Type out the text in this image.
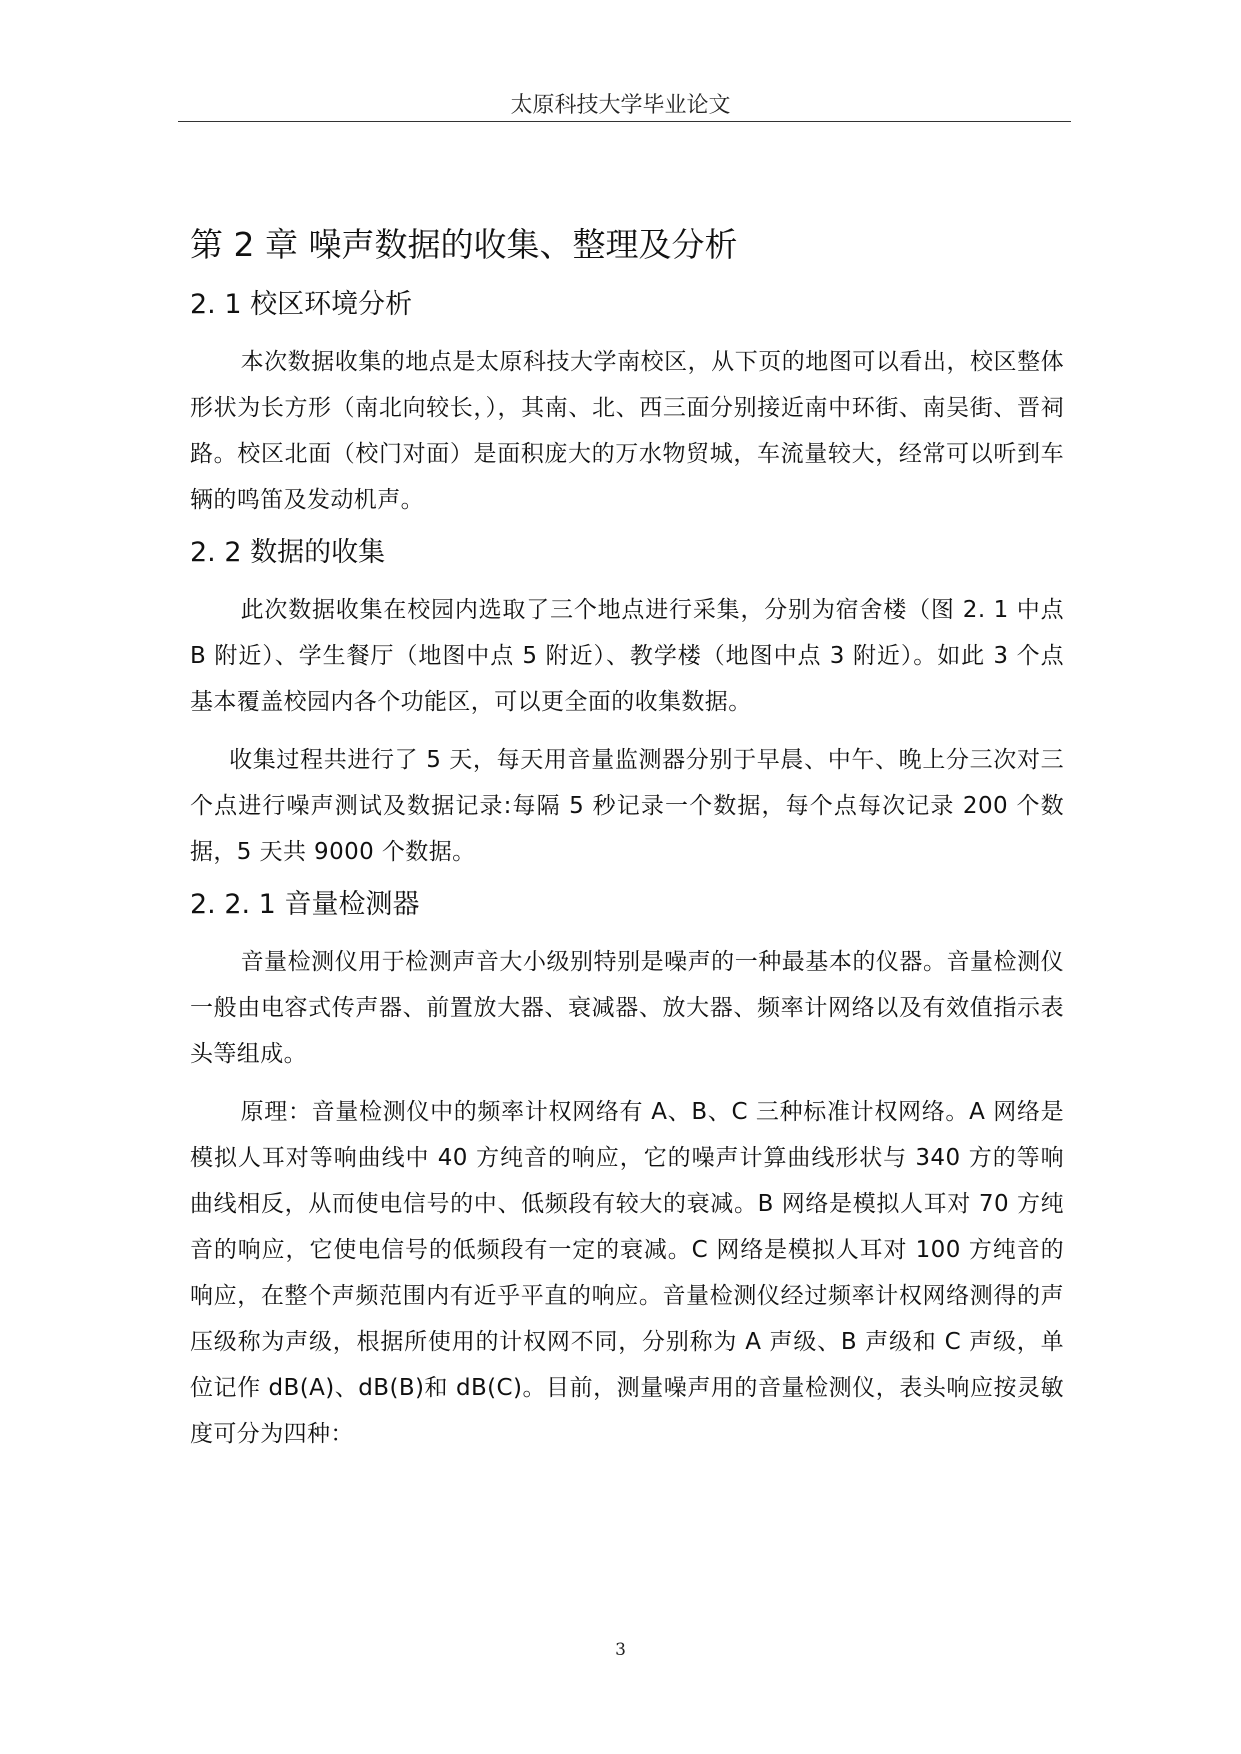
太原科技大学毕业论文
第 2 章 噪声数据的收集、整理及分析
2. 1 校区环境分析

本次数据收集的地点是太原科技大学南校区，从下页的地图可以看出，校区整体形状为长方形（南北向较长，），其南、北、西三面分别接近南中环街、南吴街、晋祠路。校区北面（校门对面）是面积庞大的万水物贸城，车流量较大，经常可以听到车辆的鸣笛及发动机声。

2. 2 数据的收集

此次数据收集在校园内选取了三个地点进行采集，分别为宿舍楼（图 2. 1 中点 B 附近）、学生餐厅（地图中点 5 附近）、教学楼（地图中点 3 附近）。如此 3 个点基本覆盖校园内各个功能区，可以更全面的收集数据。

收集过程共进行了 5 天，每天用音量监测器分别于早晨、中午、晚上分三次对三个点进行噪声测试及数据记录:每隔 5 秒记录一个数据，每个点每次记录 200 个数据，5 天共 9000 个数据。

2. 2. 1 音量检测器

音量检测仪用于检测声音大小级别特别是噪声的一种最基本的仪器。音量检测仪一般由电容式传声器、前置放大器、衰减器、放大器、频率计网络以及有效值指示表头等组成。

原理：音量检测仪中的频率计权网络有 A、B、C 三种标准计权网络。A 网络是模拟人耳对等响曲线中 40 方纯音的响应，它的噪声计算曲线形状与 340 方的等响曲线相反，从而使电信号的中、低频段有较大的衰减。B 网络是模拟人耳对 70 方纯音的响应，它使电信号的低频段有一定的衰减。C 网络是模拟人耳对 100 方纯音的响应，在整个声频范围内有近乎平直的响应。音量检测仪经过频率计权网络测得的声压级称为声级，根据所使用的计权网不同，分别称为 A 声级、B 声级和 C 声级，单位记作 dB(A)、dB(B)和 dB(C)。目前，测量噪声用的音量检测仪，表头响应按灵敏度可分为四种：

3
